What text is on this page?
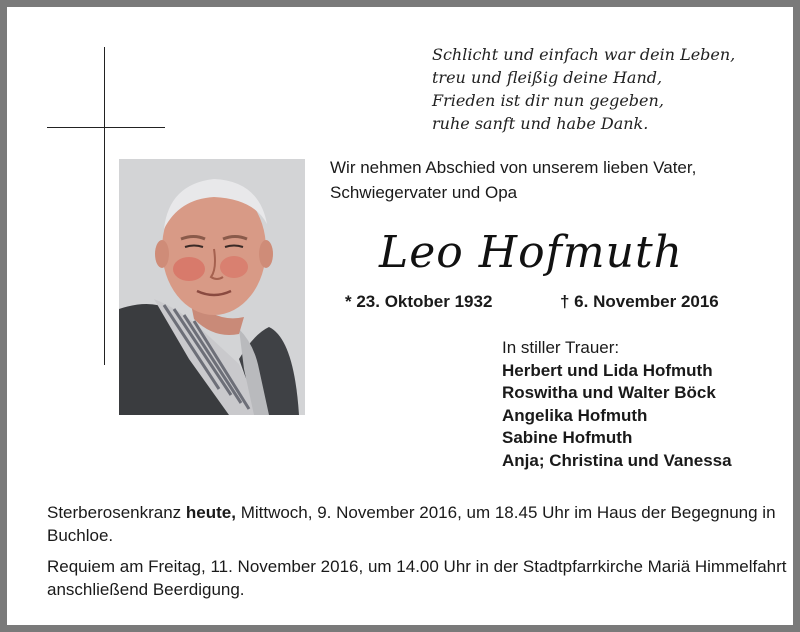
Schlicht und einfach war dein Leben,
treu und fleißig deine Hand,
Frieden ist dir nun gegeben,
ruhe sanft und habe Dank.
Wir nehmen Abschied von unserem lieben Vater,
Schwiegervater und Opa
Leo Hofmuth
* 23. Oktober 1932	† 6. November 2016
In stiller Trauer:
Herbert und Lida Hofmuth
Roswitha und Walter Böck
Angelika Hofmuth
Sabine Hofmuth
Anja; Christina und Vanessa

Sterberosenkranz heute, Mittwoch, 9. November 2016, um 18.45 Uhr im Haus der Begegnung in Buchloe.

Requiem am Freitag, 11. November 2016, um 14.00 Uhr in der Stadtpfarrkirche Mariä Himmelfahrt anschließend Beerdigung.
